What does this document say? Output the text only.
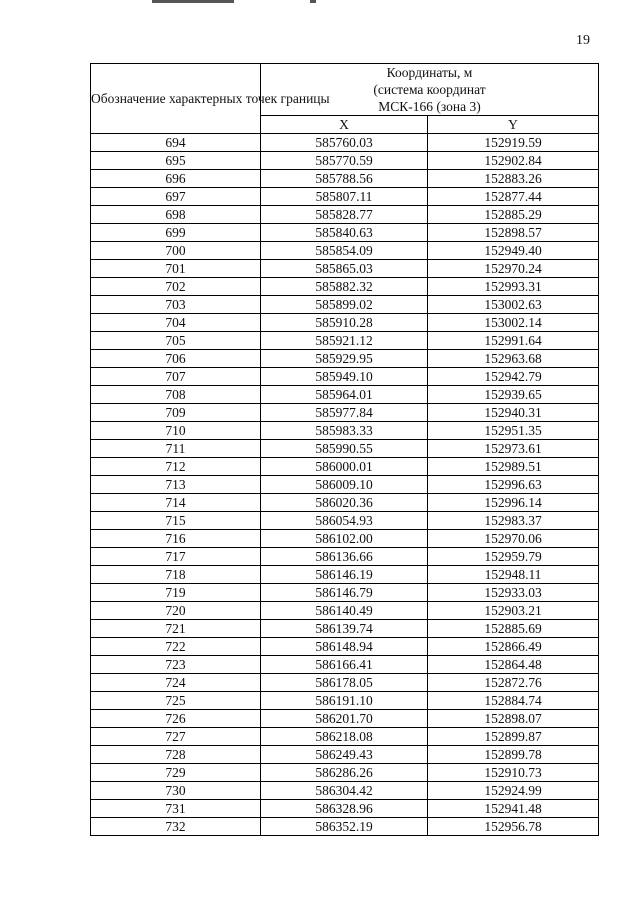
19
Обозначение характерных точек границы	Координаты, м
(система координат
МСК-166 (зона 3)	

	X	Y
694	585760.03	152919.59
695	585770.59	152902.84
696	585788.56	152883.26
697	585807.11	152877.44
698	585828.77	152885.29
699	585840.63	152898.57
700	585854.09	152949.40
701	585865.03	152970.24
702	585882.32	152993.31
703	585899.02	153002.63
704	585910.28	153002.14
705	585921.12	152991.64
706	585929.95	152963.68
707	585949.10	152942.79
708	585964.01	152939.65
709	585977.84	152940.31
710	585983.33	152951.35
711	585990.55	152973.61
712	586000.01	152989.51
713	586009.10	152996.63
714	586020.36	152996.14
715	586054.93	152983.37
716	586102.00	152970.06
717	586136.66	152959.79
718	586146.19	152948.11
719	586146.79	152933.03
720	586140.49	152903.21
721	586139.74	152885.69
722	586148.94	152866.49
723	586166.41	152864.48
724	586178.05	152872.76
725	586191.10	152884.74
726	586201.70	152898.07
727	586218.08	152899.87
728	586249.43	152899.78
729	586286.26	152910.73
730	586304.42	152924.99
731	586328.96	152941.48
732	586352.19	152956.78
